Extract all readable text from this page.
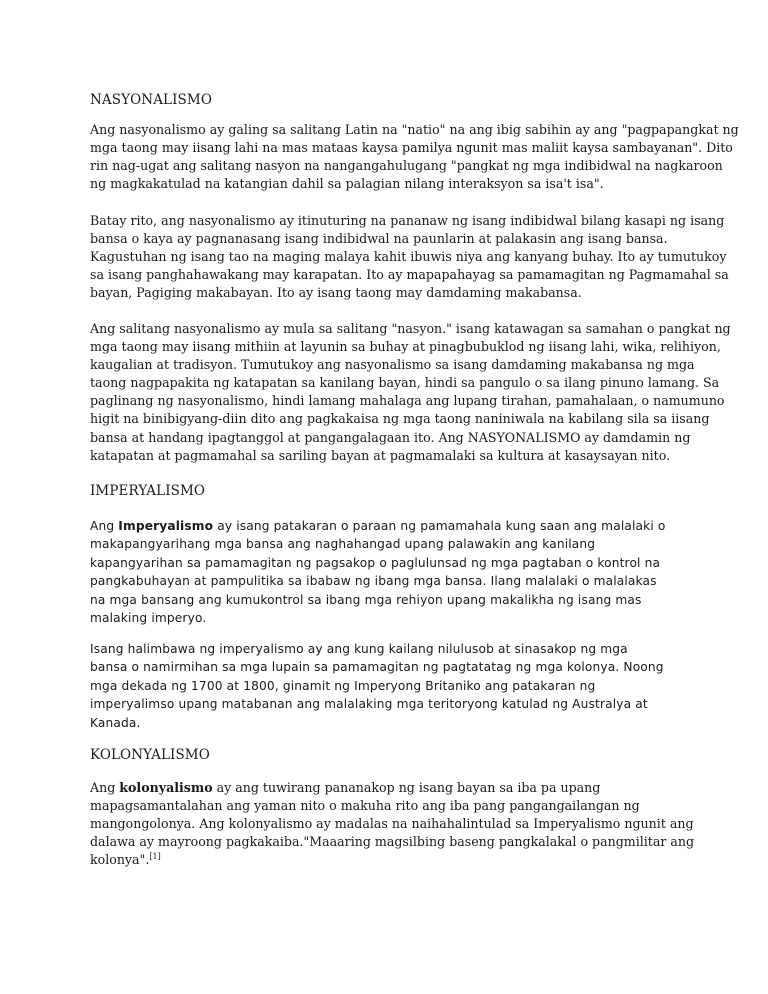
NASYONALISMO

Ang nasyonalismo ay galing sa salitang Latin na "natio" na ang ibig sabihin ay ang "pagpapangkat ng
mga taong may iisang lahi na mas mataas kaysa pamilya ngunit mas maliit kaysa sambayanan". Dito
rin nag-ugat ang salitang nasyon na nangangahulugang "pangkat ng mga indibidwal na nagkaroon
ng magkakatulad na katangian dahil sa palagian nilang interaksyon sa isa't isa".

Batay rito, ang nasyonalismo ay itinuturing na pananaw ng isang indibidwal bilang kasapi ng isang
bansa o kaya ay pagnanasang isang indibidwal na paunlarin at palakasin ang isang bansa.
Kagustuhan ng isang tao na maging malaya kahit ibuwis niya ang kanyang buhay. Ito ay tumutukoy
sa isang panghahawakang may karapatan. Ito ay mapapahayag sa pamamagitan ng Pagmamahal sa
bayan, Pagiging makabayan. Ito ay isang taong may damdaming makabansa.

Ang salitang nasyonalismo ay mula sa salitang "nasyon." isang katawagan sa samahan o pangkat ng
mga taong may iisang mithiin at layunin sa buhay at pinagbubuklod ng iisang lahi, wika, relihiyon,
kaugalian at tradisyon. Tumutukoy ang nasyonalismo sa isang damdaming makabansa ng mga
taong nagpapakita ng katapatan sa kanilang bayan, hindi sa pangulo o sa ilang pinuno lamang. Sa
paglinang ng nasyonalismo, hindi lamang mahalaga ang lupang tirahan, pamahalaan, o namumuno
higit na binibigyang-diin dito ang pagkakaisa ng mga taong naniniwala na kabilang sila sa iisang
bansa at handang ipagtanggol at pangangalagaan ito. Ang NASYONALISMO ay damdamin ng
katapatan at pagmamahal sa sariling bayan at pagmamalaki sa kultura at kasaysayan nito.

IMPERYALISMO

Ang Imperyalismo ay isang patakaran o paraan ng pamamahala kung saan ang malalaki o
makapangyarihang mga bansa ang naghahangad upang palawakin ang kanilang
kapangyarihan sa pamamagitan ng pagsakop o paglulunsad ng mga pagtaban o kontrol na
pangkabuhayan at pampulitika sa ibabaw ng ibang mga bansa. Ilang malalaki o malalakas
na mga bansang ang kumukontrol sa ibang mga rehiyon upang makalikha ng isang mas
malaking imperyo.

Isang halimbawa ng imperyalismo ay ang kung kailang nilulusob at sinasakop ng mga
bansa o namirmihan sa mga lupain sa pamamagitan ng pagtatatag ng mga kolonya. Noong
mga dekada ng 1700 at 1800, ginamit ng Imperyong Britaniko ang patakaran ng
imperyalimso upang matabanan ang malalaking mga teritoryong katulad ng Australya at
Kanada.

KOLONYALISMO

Ang kolonyalismo ay ang tuwirang pananakop ng isang bayan sa iba pa upang
mapagsamantalahan ang yaman nito o makuha rito ang iba pang pangangailangan ng
mangongolonya. Ang kolonyalismo ay madalas na naihahalintulad sa Imperyalismo ngunit ang
dalawa ay mayroong pagkakaiba."Maaaring magsilbing baseng pangkalakal o pangmilitar ang
kolonya".[1]
